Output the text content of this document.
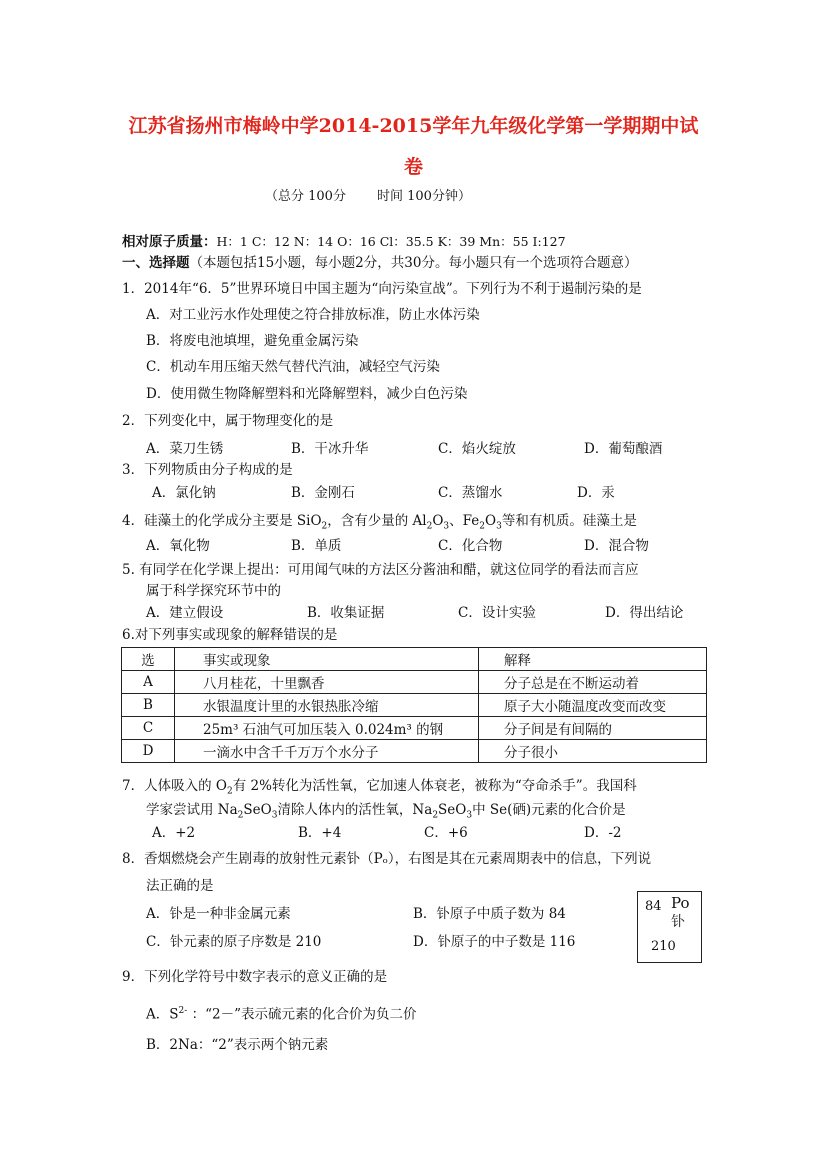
江苏省扬州市梅岭中学2014-2015学年九年级化学第一学期期中试
卷
（总分 100分 时间 100分钟）
相对原子质量：H：1 C：12 N：14 O：16 Cl：35.5 K：39 Mn：55 I:127
一、选择题（本题包括15小题，每小题2分，共30分。每小题只有一个选项符合题意）
1．2014年“6．5”世界环境日中国主题为“向污染宣战”。下列行为不利于遏制污染的是
A．对工业污水作处理使之符合排放标准，防止水体污染
B．将废电池填埋，避免重金属污染
C．机动车用压缩天然气替代汽油，减轻空气污染
D．使用微生物降解塑料和光降解塑料，减少白色污染
2．下列变化中，属于物理变化的是
A．菜刀生锈	B．干冰升华	C．焰火绽放	D．葡萄酿酒
3．下列物质由分子构成的是
A．氯化钠	B．金刚石	C．蒸馏水	D．汞
4．硅藻土的化学成分主要是 SiO$_2$，含有少量的 $Al_2O_3$、$Fe_2O_3$等和有机质。硅藻土是
A．氧化物	B．单质	C．化合物	D．混合物
5. 有同学在化学课上提出：可用闻气味的方法区分酱油和醋，就这位同学的看法而言应
属于科学探究环节中的
A．建立假设	B．收集证据	C．设计实验	D．得出结论
6.对下列事实或现象的解释错误的是
选	事实或现象	解释
A	八月桂花，十里飘香	分子总是在不断运动着
B	水银温度计里的水银热胀冷缩	原子大小随温度改变而改变
C	25m³ 石油气可加压装入 0.024m³ 的钢	分子间是有间隔的
D	一滴水中含千千万万个水分子	分子很小
7．人体吸入的 $O_2$有 2%转化为活性氧，它加速人体衰老，被称为“夺命杀手”。我国科
学家尝试用 $Na_2SeO_3$清除人体内的活性氧，$Na_2SeO_3$中 Se(硒)元素的化合价是
A．+2	B．+4	C．+6	D．-2
8．香烟燃烧会产生剧毒的放射性元素钋（Pₒ），右图是其在元素周期表中的信息，下列说
法正确的是
A．钋是一种非金属元素	B．钋原子中质子数为 84
C．钋元素的原子序数是 210	D．钋原子的中子数是 116
84 Po
钋
210
9．下列化学符号中数字表示的意义正确的是
A．$S^{2-}$ ：“2－”表示硫元素的化合价为负二价
B．2Na：“2”表示两个钠元素
